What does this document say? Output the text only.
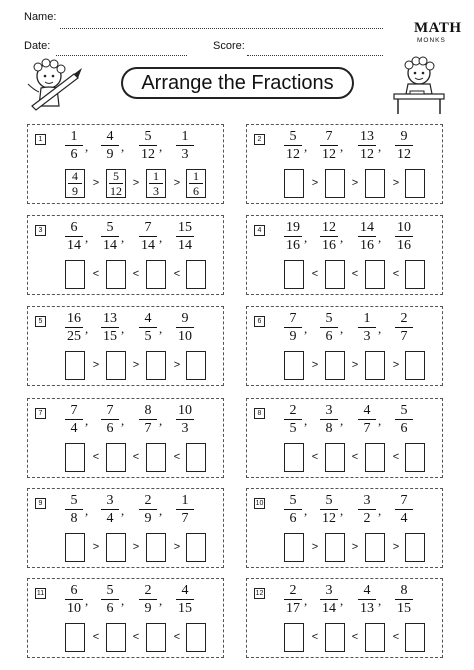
Name:
Date:	Score:
MATH
MONKS
Arrange the Fractions
1	1
6
,
4
9
,
5
12
,
1
3
4
9
5
12
1
3
1
6
>	>	>
2	5
12
,
7
12
,
13
12
,
9
12
>	>	>
3	6
14
,
5
14
,
7
14
,
15
14
<	<	<
4 19
16
,
12
16
,
14
16
,
10
16
<	<	<
5 16
25
,
13
15
,
4
5
,
9
10
>	>	>
6	7
9
,
5
6
,
1
3
,
2
7
>	>	>
7	7
4
,
7
6
,
8
7
,
10
3
<	<	<
8	2
5
,
3
8
,
4
7
,
5
6
<	<	<
9	5
8
,
3
4
,
2
9
,
1
7
>	>	>
10	5
6
,
5
12
,
3
2
,
7
4
>	>	>
11	6
10
,
5
6
,
2
9
,
4
15
<	<	<
12	2
17
,
3
14
,
4
13
,
8
15
<	<	<
